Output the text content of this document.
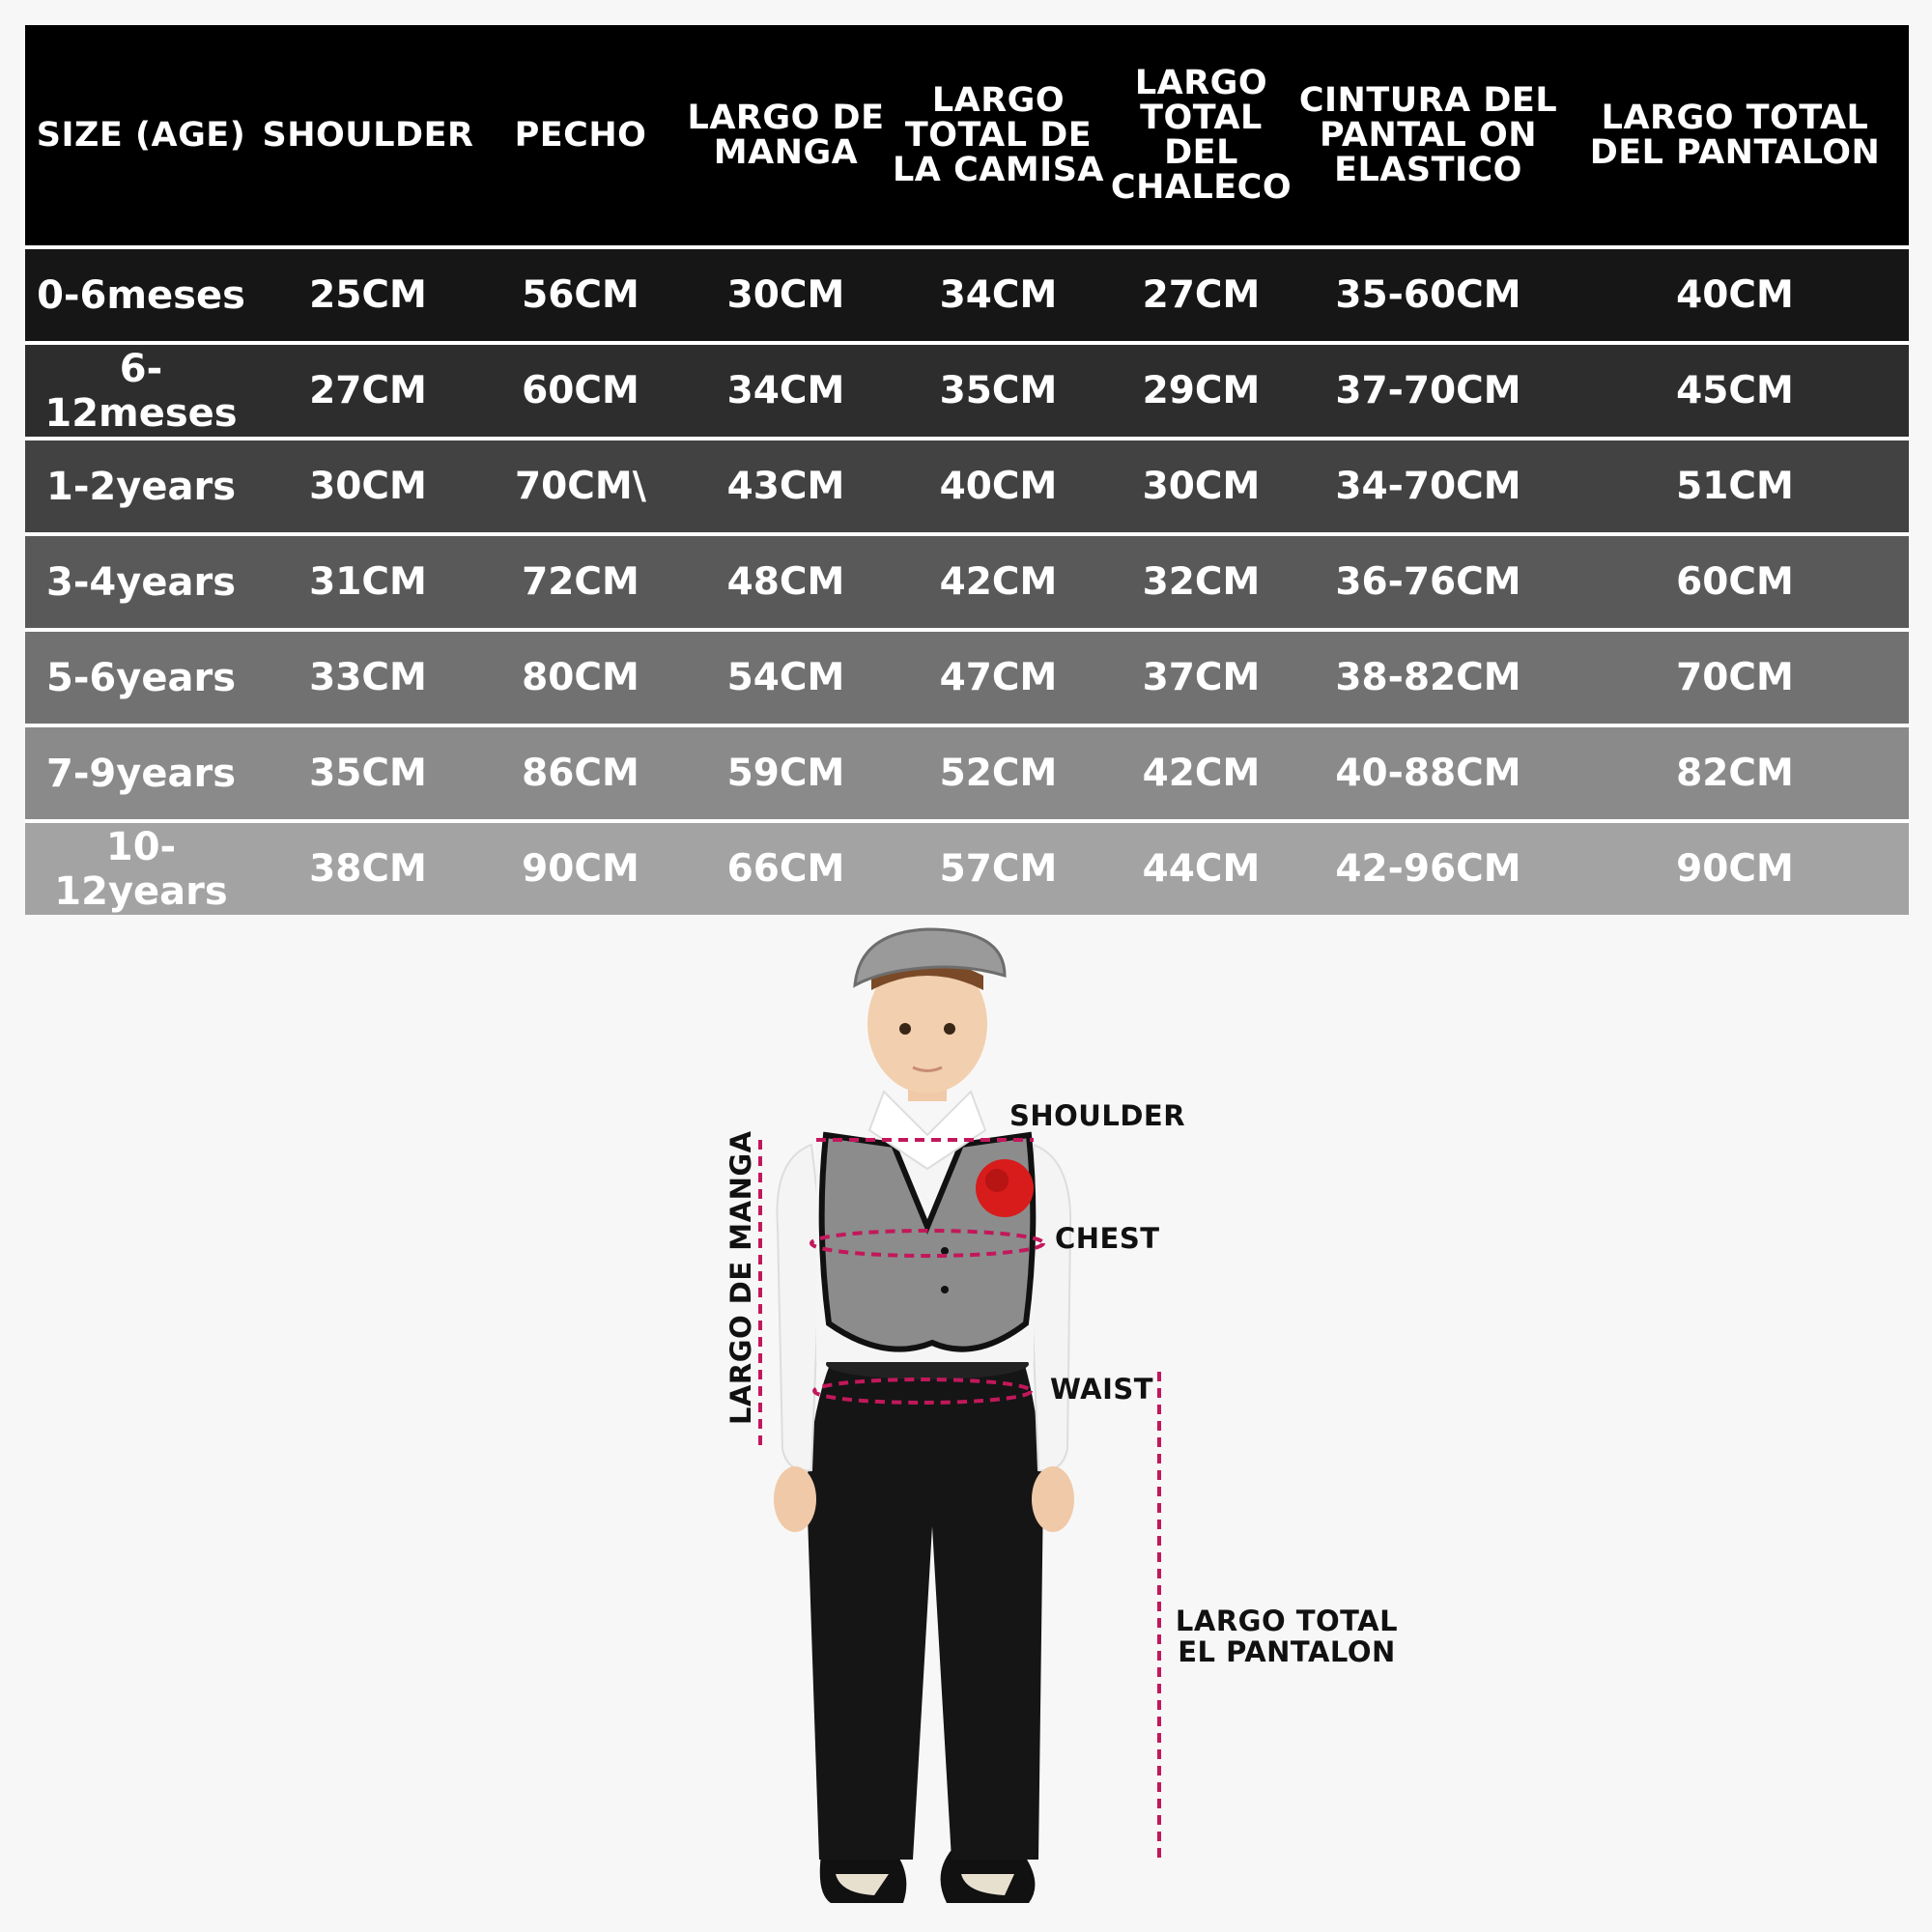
SIZE (AGE)	SHOULDER	PECHO	LARGO DE MANGA	LARGO TOTAL DE LA CAMISA	LARGO TOTAL DEL CHALECO	CINTURA DEL PANTAL ON ELASTICO	LARGO TOTAL DEL PANTALON
0-6meses	25CM	56CM	30CM	34CM	27CM	35-60CM	40CM
6-12meses	27CM	60CM	34CM	35CM	29CM	37-70CM	45CM
1-2years	30CM	70CM\	43CM	40CM	30CM	34-70CM	51CM
3-4years	31CM	72CM	48CM	42CM	32CM	36-76CM	60CM
5-6years	33CM	80CM	54CM	47CM	37CM	38-82CM	70CM
7-9years	35CM	86CM	59CM	52CM	42CM	40-88CM	82CM
10-12years	38CM	90CM	66CM	57CM	44CM	42-96CM	90CM
SHOULDER
CHEST
WAIST
LARGO DE MANGA
LARGO TOTAL EL PANTALON
